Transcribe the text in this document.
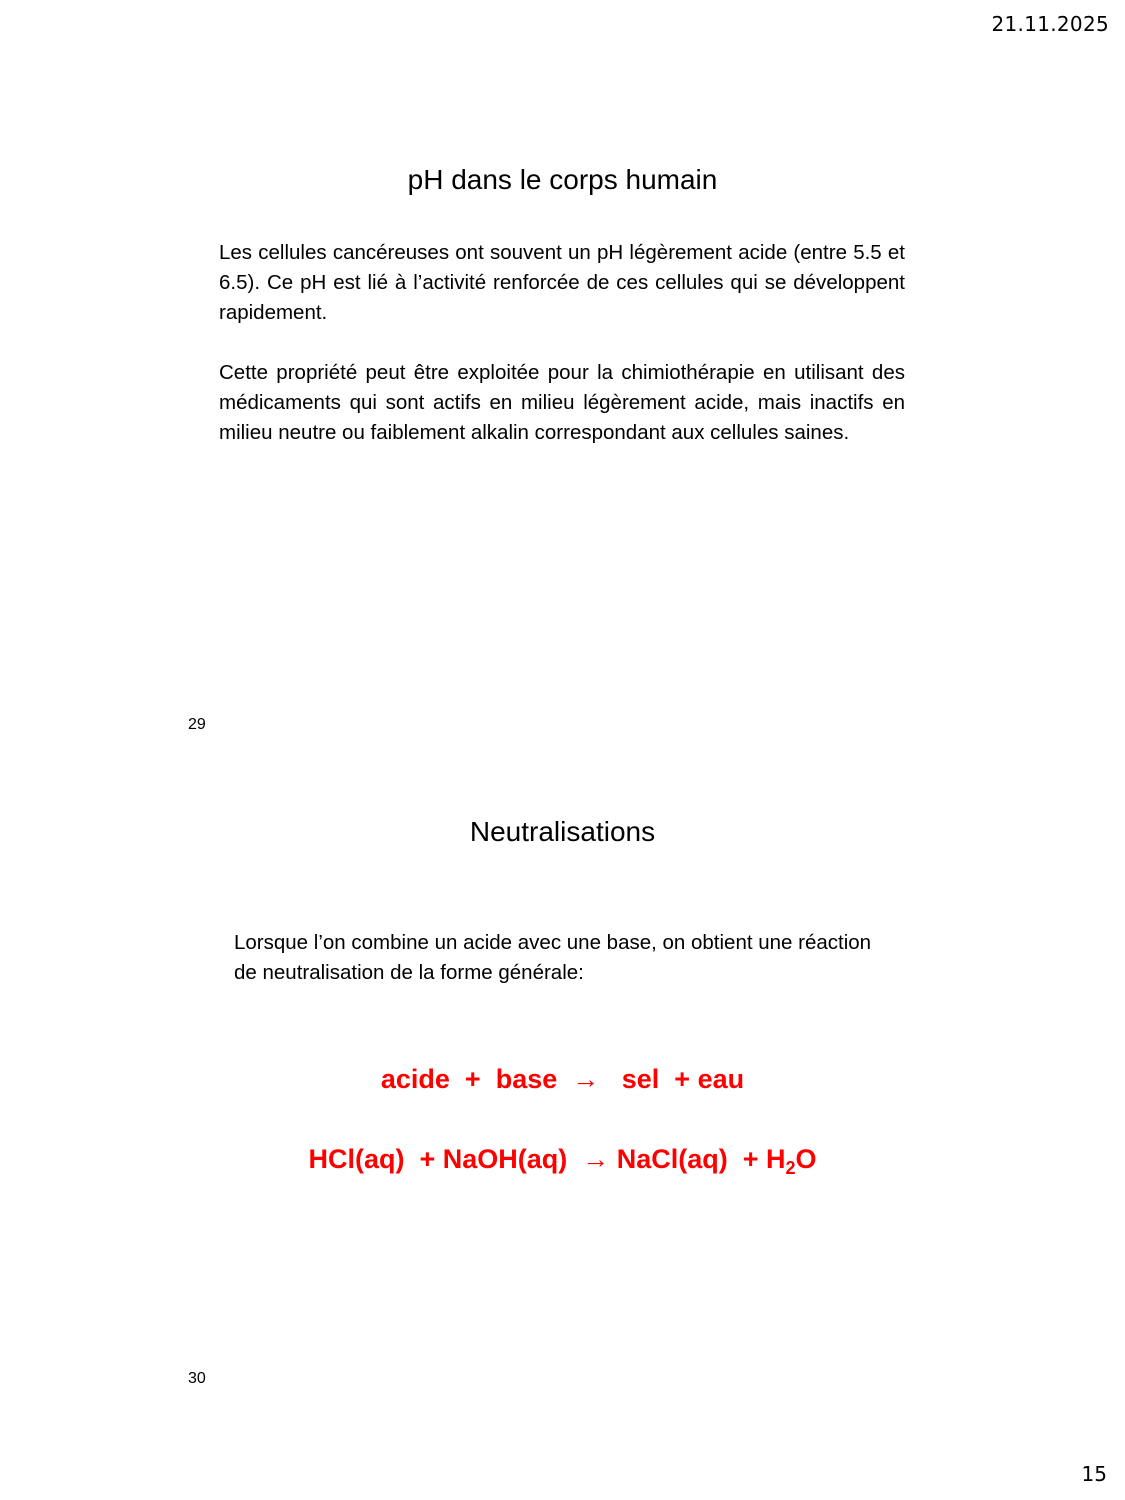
21.11.2025
pH dans le corps humain

Les cellules cancéreuses ont souvent un pH légèrement acide (entre 5.5 et 6.5). Ce pH est lié à l’activité renforcée de ces cellules qui se développent rapidement.

Cette propriété peut être exploitée pour la chimiothérapie en utilisant des médicaments qui sont actifs en milieu légèrement acide, mais inactifs en milieu neutre ou faiblement alkalin correspondant aux cellules saines.

29
Neutralisations

Lorsque l’on combine un acide avec une base, on obtient une réaction de neutralisation de la forme générale:

acide  +  base  →   sel  + eau
HCl(aq)  + NaOH(aq)  → NaCl(aq)  + $H_2O$
30
15
